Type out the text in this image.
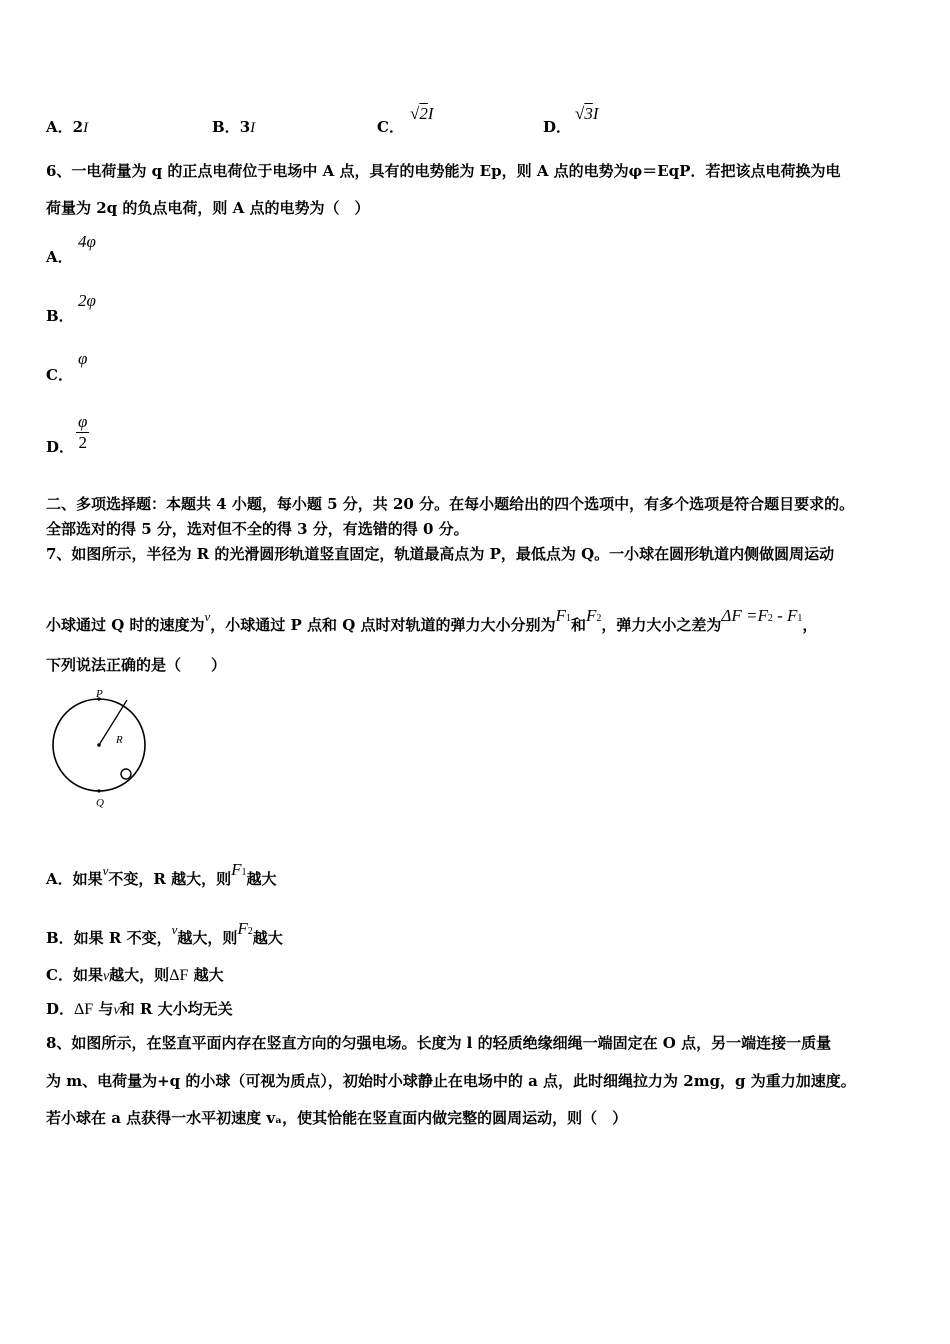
A．2I	B．3I	C．
√2I
D．
√3I
6、一电荷量为 q 的正点电荷位于电场中 A 点，具有的电势能为 Ep，则 A 点的电势为φ＝EqP．若把该点电荷换为电
荷量为 2q 的负点电荷，则 A 点的电势为（　）
A．
4φ
B．
2φ
C．
φ
D． $\frac{\varphi}{2}$
二、多项选择题：本题共 4 小题，每小题 5 分，共 20 分。在每小题给出的四个选项中，有多个选项是符合题目要求的。
全部选对的得 5 分，选对但不全的得 3 分，有选错的得 0 分。
7、如图所示，半径为 R 的光滑圆形轨道竖直固定，轨道最高点为 P，最低点为 Q。一小球在圆形轨道内侧做圆周运动
小球通过 Q 时的速度为v，小球通过 P 点和 Q 点时对轨道的弹力大小分别为F1和F2，弹力大小之差为ΔF =F2 - F1，
下列说法正确的是（　　）
P
R
Q
A．如果v不变，R 越大，则F1越大
B．如果 R 不变，v越大，则F2越大
C．如果v越大，则ΔF 越大
D．ΔF 与v和 R 大小均无关
8、如图所示，在竖直平面内存在竖直方向的匀强电场。长度为 l 的轻质绝缘细绳一端固定在 O 点，另一端连接一质量
为 m、电荷量为+q 的小球（可视为质点），初始时小球静止在电场中的 a 点，此时细绳拉力为 2mg，g 为重力加速度。
若小球在 a 点获得一水平初速度 vₐ，使其恰能在竖直面内做完整的圆周运动，则（　）
